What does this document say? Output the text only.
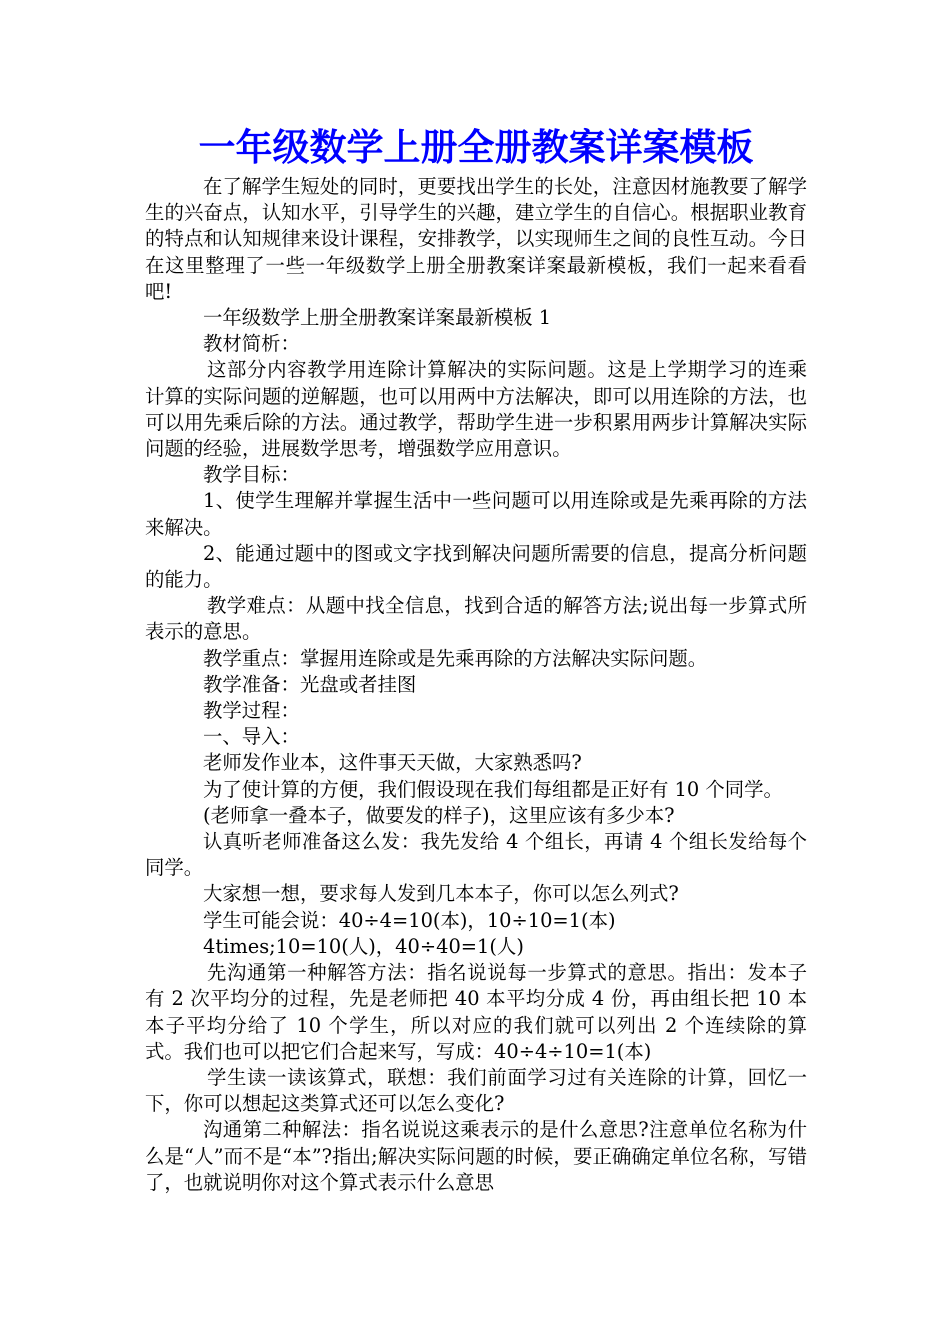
一年级数学上册全册教案详案模板

在了解学生短处的同时，更要找出学生的长处，注意因材施教要了解学生的兴奋点，认知水平，引导学生的兴趣，建立学生的自信心。根据职业教育的特点和认知规律来设计课程，安排教学，以实现师生之间的良性互动。今日在这里整理了一些一年级数学上册全册教案详案最新模板，我们一起来看看吧!

一年级数学上册全册教案详案最新模板 1

教材简析：

这部分内容教学用连除计算解决的实际问题。这是上学期学习的连乘计算的实际问题的逆解题，也可以用两中方法解决，即可以用连除的方法，也可以用先乘后除的方法。通过教学，帮助学生进一步积累用两步计算解决实际问题的经验，进展数学思考，增强数学应用意识。

教学目标：

1、使学生理解并掌握生活中一些问题可以用连除或是先乘再除的方法来解决。

2、能通过题中的图或文字找到解决问题所需要的信息，提高分析问题的能力。

教学难点：从题中找全信息，找到合适的解答方法;说出每一步算式所表示的意思。

教学重点：掌握用连除或是先乘再除的方法解决实际问题。

教学准备：光盘或者挂图

教学过程：

一、导入：

老师发作业本，这件事天天做，大家熟悉吗?

为了使计算的方便，我们假设现在我们每组都是正好有 10 个同学。

(老师拿一叠本子，做要发的样子)，这里应该有多少本?

认真听老师准备这么发：我先发给 4 个组长，再请 4 个组长发给每个同学。

大家想一想，要求每人发到几本本子，你可以怎么列式?

学生可能会说：40÷4=10(本)，10÷10=1(本)

4times;10=10(人)，40÷40=1(人)

先沟通第一种解答方法：指名说说每一步算式的意思。指出：发本子有 2 次平均分的过程，先是老师把 40 本平均分成 4 份，再由组长把 10 本本子平均分给了 10 个学生，所以对应的我们就可以列出 2 个连续除的算式。我们也可以把它们合起来写，写成：40÷4÷10=1(本)

学生读一读该算式，联想：我们前面学习过有关连除的计算，回忆一下，你可以想起这类算式还可以怎么变化?

沟通第二种解法：指名说说这乘表示的是什么意思?注意单位名称为什么是“人”而不是“本”?指出;解决实际问题的时候，要正确确定单位名称，写错了，也就说明你对这个算式表示什么意思
